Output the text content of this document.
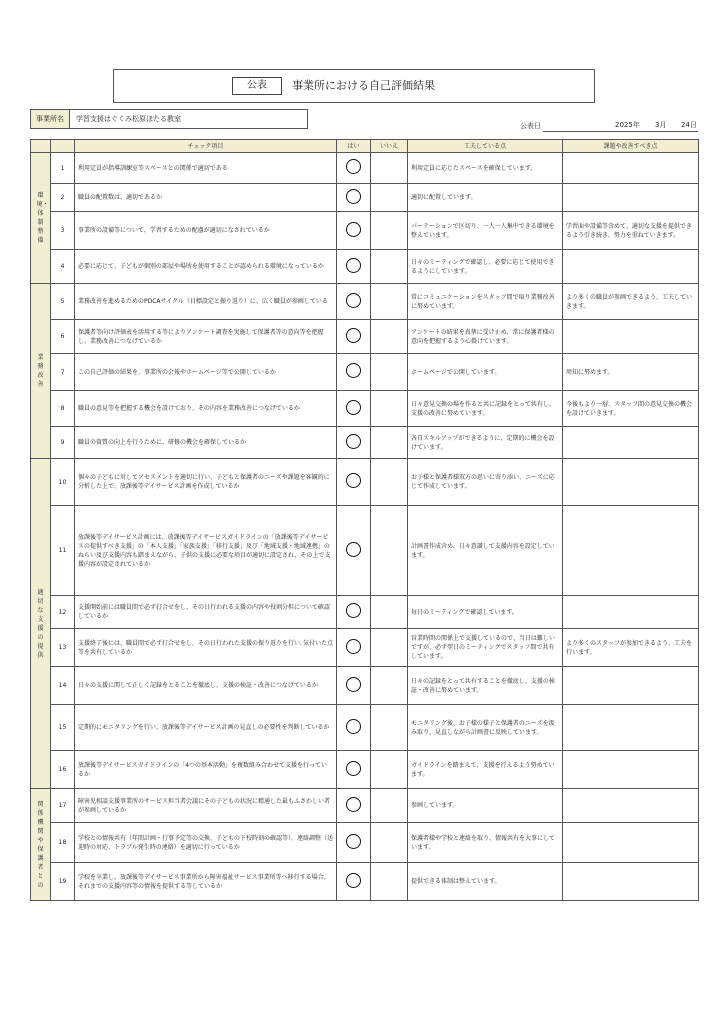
公表	事業所における自己評価結果
事業所名	学習支援はぐくみ松原ほたる教室
公表日	2025年 3月 24日
		チェック項目	はい	いいえ	工夫している点	課題や改善すべき点

環境・体制整備	1	利用定員が指導訓練室等スペースとの関係で適切である			利用定員に応じたスペースを確保しています。	
	2	職員の配置数は、適切であるか			適切に配置しています。	
	3	事業所の設備等について、学習するための配慮が適切になされているか			パーテーションで区切り、一人一人集中できる環境を整えています。	学習面や設備等含めて、適切な支援を提供できるよう引き続き、努力を重ねていきます。
	4	必要に応じて、子どもが個別の部屋や場所を使用することが認められる環境になっているか			日々のミーティングで確認し、必要に応じて使用できるようにしています。	

業務改善	5	業務改善を進めるためのPDCAサイクル（目標設定と振り返り）に、広く職員が参画している			常にコミュニケーションをスタッフ間で取り業務改善に努めています。	より多くの職員が参画できるよう、工夫していきます。
	6	保護者等向け評価表を活用する等によりアンケート調査を実施して保護者等の意向等を把握し、業務改善につなげているか			アンケートの結果を真摯に受け止め、常に保護者様の意向を把握するよう心掛けています。	
	7	この自己評価の結果を、事業所の会報やホームページ等で公開しているか			ホームページで公開しています。	周知に努めます。
	8	職員の意見等を把握する機会を設けており、その内容を業務改善につなげているか			日々意見交換の場を作ると共に記録をとって共有し、支援の改善に努めています。	今後もより一層、スタッフ間の意見交換の機会を設けていきます。
	9	職員の資質の向上を行うために、研修の機会を確保しているか			各自スキルアップができるように、定期的に機会を設けています。	

適切な支援の提供	10	個々の子どもに対してアセスメントを適切に行い、子どもと保護者のニーズや課題を客観的に分析した上で、放課後等デイサービス計画を作成しているか			お子様と保護者様双方の思いに寄り添い、ニーズに応じて作成しています。	
	11	放課後等デイサービス計画には、放課後等デイサービスガイドラインの「放課後等デイサービスの提供すべき支援」の「本人支援」「家族支援」「移行支援」及び「地域支援・地域連携」のねらい及び支援内容も踏まえながら、子供の支援に必要な項目が適切に設定され、その上で支援内容が設定されているか			計画書作成含め、日々意識して支援内容を設定しています。	
	12	支援開始前には職員間で必ず打合せをし、その日行われる支援の内容や役割分担について確認しているか			毎日のミーティングで確認しています。	
	13	支援終了後には、職員間で必ず打合せをし、その日行われた支援の振り返りを行い､気付いた点等を共有しているか			営業時間の関係上で支援しているので、当日は難しいですが、必ず翌日のミーティングでスタッフ間で共有しています。	より多くのスタッフが参加できるよう、工夫を行います。
	14	日々の支援に関して正しく記録をとることを徹底し、支援の検証・改善につなげているか			日々の記録をとって共有することを徹底し、支援の検証・改善に努めています。	
	15	定期的にモニタリングを行い、放課後等デイサービス計画の見直しの必要性を判断しているか			モニタリング後、お子様の様子と保護者のニーズを汲み取り、見直しながら計画書に反映しています。	
	16	放課後等デイサービスガイドラインの「4つの基本活動」を複数組み合わせて支援を行っているか			ガイドラインを踏まえて、支援を行えるよう努めています。	

関係機関や保護者との	17	障害児相談支援事業所のサービス担当者会議にその子どもの状況に精通した最もふさわしい者が参画しているか			参画しています。	
	18	学校との情報共有（年間計画・行事予定等の交換、子どもの下校時刻の確認等）、連絡調整（送迎時の対応、トラブル発生時の連絡）を適切に行っているか			保護者様や学校と連絡を取り、情報共有を大事にしています。	
	19	学校を卒業し、放課後等デイサービス事業所から障害福祉サービス事業所等へ移行する場合、それまでの支援内容等の情報を提供する等しているか			提供できる体制は整えています。	
